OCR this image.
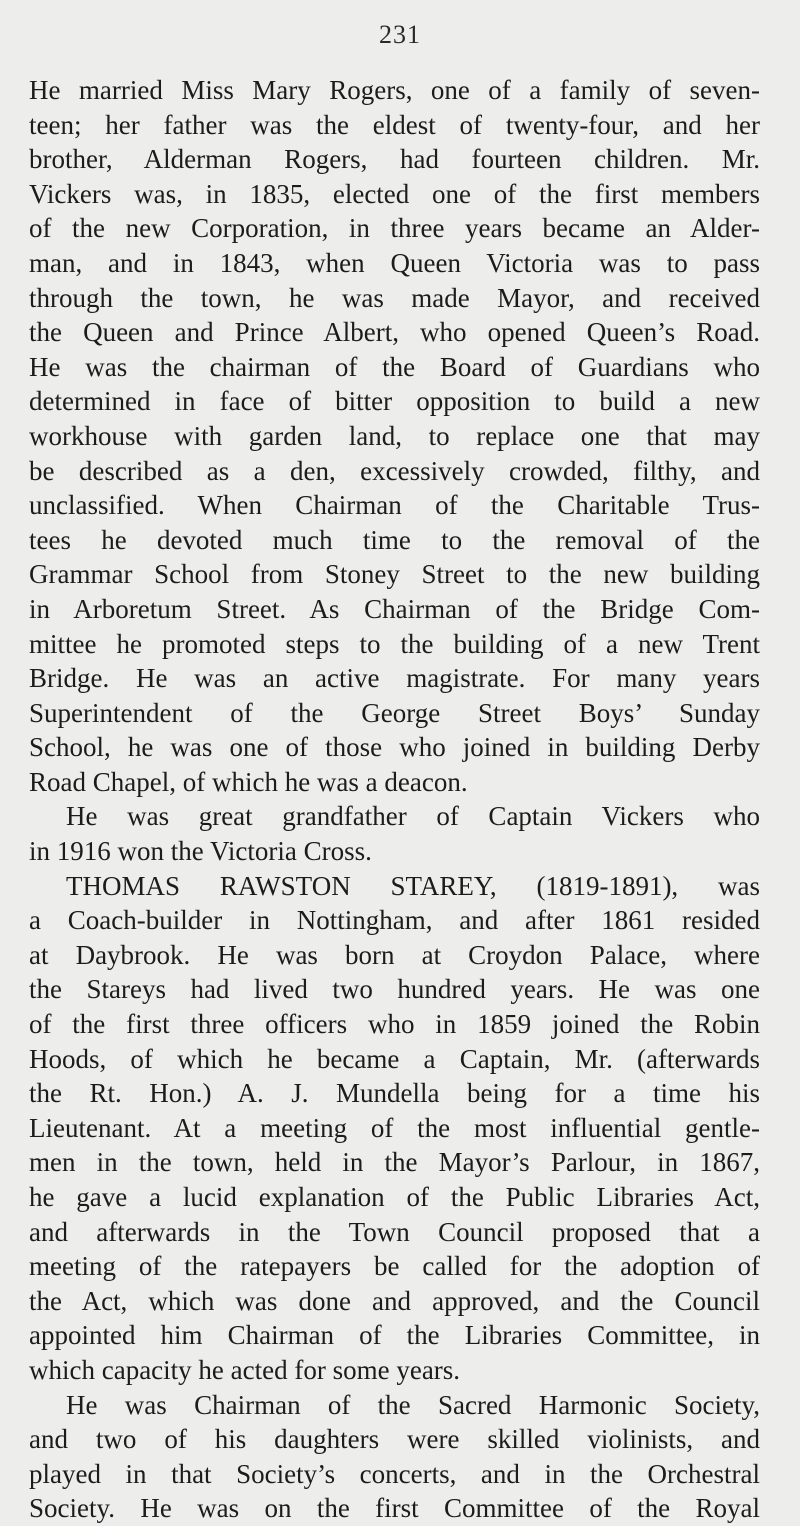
231
He married Miss Mary Rogers, one of a family of seven-
teen; her father was the eldest of twenty-four, and her
brother, Alderman Rogers, had fourteen children. Mr.
Vickers was, in 1835, elected one of the first members
of the new Corporation, in three years became an Alder-
man, and in 1843, when Queen Victoria was to pass
through the town, he was made Mayor, and received
the Queen and Prince Albert, who opened Queen’s Road.
He was the chairman of the Board of Guardians who
determined in face of bitter opposition to build a new
workhouse with garden land, to replace one that may
be described as a den, excessively crowded, filthy, and
unclassified. When Chairman of the Charitable Trus-
tees he devoted much time to the removal of the
Grammar School from Stoney Street to the new building
in Arboretum Street. As Chairman of the Bridge Com-
mittee he promoted steps to the building of a new Trent
Bridge. He was an active magistrate. For many years
Superintendent of the George Street Boys’ Sunday
School, he was one of those who joined in building Derby
Road Chapel, of which he was a deacon.
He was great grandfather of Captain Vickers who
in 1916 won the Victoria Cross.
THOMAS RAWSTON STAREY, (1819-1891), was
a Coach-builder in Nottingham, and after 1861 resided
at Daybrook. He was born at Croydon Palace, where
the Stareys had lived two hundred years. He was one
of the first three officers who in 1859 joined the Robin
Hoods, of which he became a Captain, Mr. (afterwards
the Rt. Hon.) A. J. Mundella being for a time his
Lieutenant. At a meeting of the most influential gentle-
men in the town, held in the Mayor’s Parlour, in 1867,
he gave a lucid explanation of the Public Libraries Act,
and afterwards in the Town Council proposed that a
meeting of the ratepayers be called for the adoption of
the Act, which was done and approved, and the Council
appointed him Chairman of the Libraries Committee, in
which capacity he acted for some years.
He was Chairman of the Sacred Harmonic Society,
and two of his daughters were skilled violinists, and
played in that Society’s concerts, and in the Orchestral
Society. He was on the first Committee of the Royal
